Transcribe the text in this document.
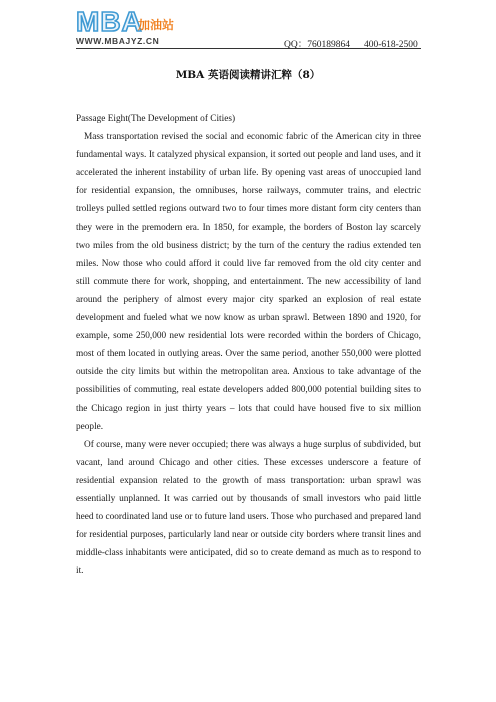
MBA
加油站
WWW.MBAJYZ.CN	QQ：760189864 400-618-2500
MBA 英语阅读精讲汇粹（8）

Passage Eight(The Development of Cities)

Mass transportation revised the social and economic fabric of the American city in three fundamental ways. It catalyzed physical expansion, it sorted out people and land uses, and it accelerated the inherent instability of urban life. By opening vast areas of unoccupied land for residential expansion, the omnibuses, horse railways, commuter trains, and electric trolleys pulled settled regions outward two to four times more distant form city centers than they were in the premodern era. In 1850, for example, the borders of Boston lay scarcely two miles from the old business district; by the turn of the century the radius extended ten miles. Now those who could afford it could live far removed from the old city center and still commute there for work, shopping, and entertainment. The new accessibility of land around the periphery of almost every major city sparked an explosion of real estate development and fueled what we now know as urban sprawl. Between 1890 and 1920, for example, some 250,000 new residential lots were recorded within the borders of Chicago, most of them located in outlying areas. Over the same period, another 550,000 were plotted outside the city limits but within the metropolitan area. Anxious to take advantage of the possibilities of commuting, real estate developers added 800,000 potential building sites to the Chicago region in just thirty years – lots that could have housed five to six million people.

Of course, many were never occupied; there was always a huge surplus of subdivided, but vacant, land around Chicago and other cities. These excesses underscore a feature of residential expansion related to the growth of mass transportation: urban sprawl was essentially unplanned. It was carried out by thousands of small investors who paid little heed to coordinated land use or to future land users. Those who purchased and prepared land for residential purposes, particularly land near or outside city borders where transit lines and middle-class inhabitants were anticipated, did so to create demand as much as to respond to it.
